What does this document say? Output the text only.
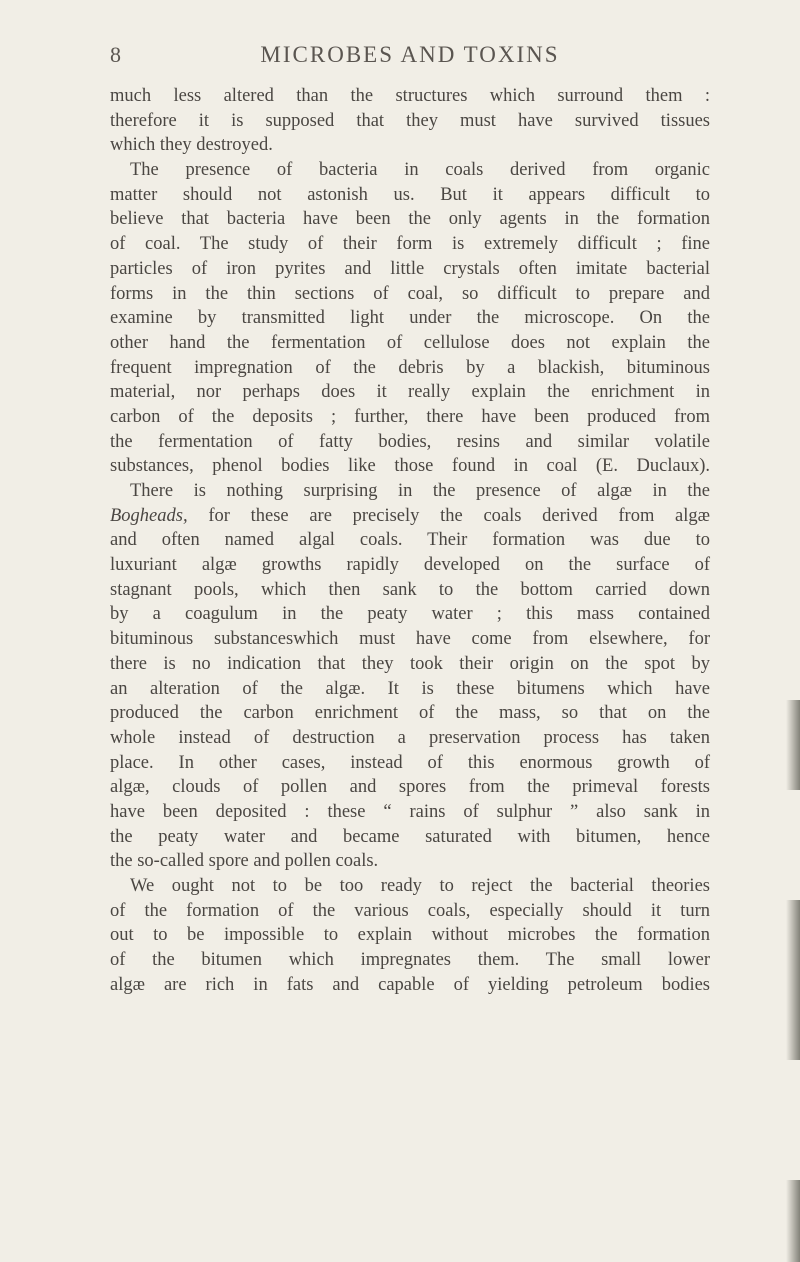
8	MICROBES AND TOXINS
much less altered than the structures which surround them :
therefore it is supposed that they must have survived tissues
which they destroyed.
The presence of bacteria in coals derived from organic
matter should not astonish us. But it appears difficult to
believe that bacteria have been the only agents in the formation
of coal. The study of their form is extremely difficult ; fine
particles of iron pyrites and little crystals often imitate bacterial
forms in the thin sections of coal, so difficult to prepare and
examine by transmitted light under the microscope. On the
other hand the fermentation of cellulose does not explain the
frequent impregnation of the debris by a blackish, bituminous
material, nor perhaps does it really explain the enrichment in
carbon of the deposits ; further, there have been produced from
the fermentation of fatty bodies, resins and similar volatile
substances, phenol bodies like those found in coal (E. Duclaux).
There is nothing surprising in the presence of algæ in the
Bogheads, for these are precisely the coals derived from algæ
and often named algal coals. Their formation was due to
luxuriant algæ growths rapidly developed on the surface of
stagnant pools, which then sank to the bottom carried down
by a coagulum in the peaty water ; this mass contained
bituminous substanceswhich must have come from elsewhere, for
there is no indication that they took their origin on the spot by
an alteration of the algæ. It is these bitumens which have
produced the carbon enrichment of the mass, so that on the
whole instead of destruction a preservation process has taken
place. In other cases, instead of this enormous growth of
algæ, clouds of pollen and spores from the primeval forests
have been deposited : these “ rains of sulphur ” also sank in
the peaty water and became saturated with bitumen, hence
the so-called spore and pollen coals.
We ought not to be too ready to reject the bacterial theories
of the formation of the various coals, especially should it turn
out to be impossible to explain without microbes the formation
of the bitumen which impregnates them. The small lower
algæ are rich in fats and capable of yielding petroleum bodies
